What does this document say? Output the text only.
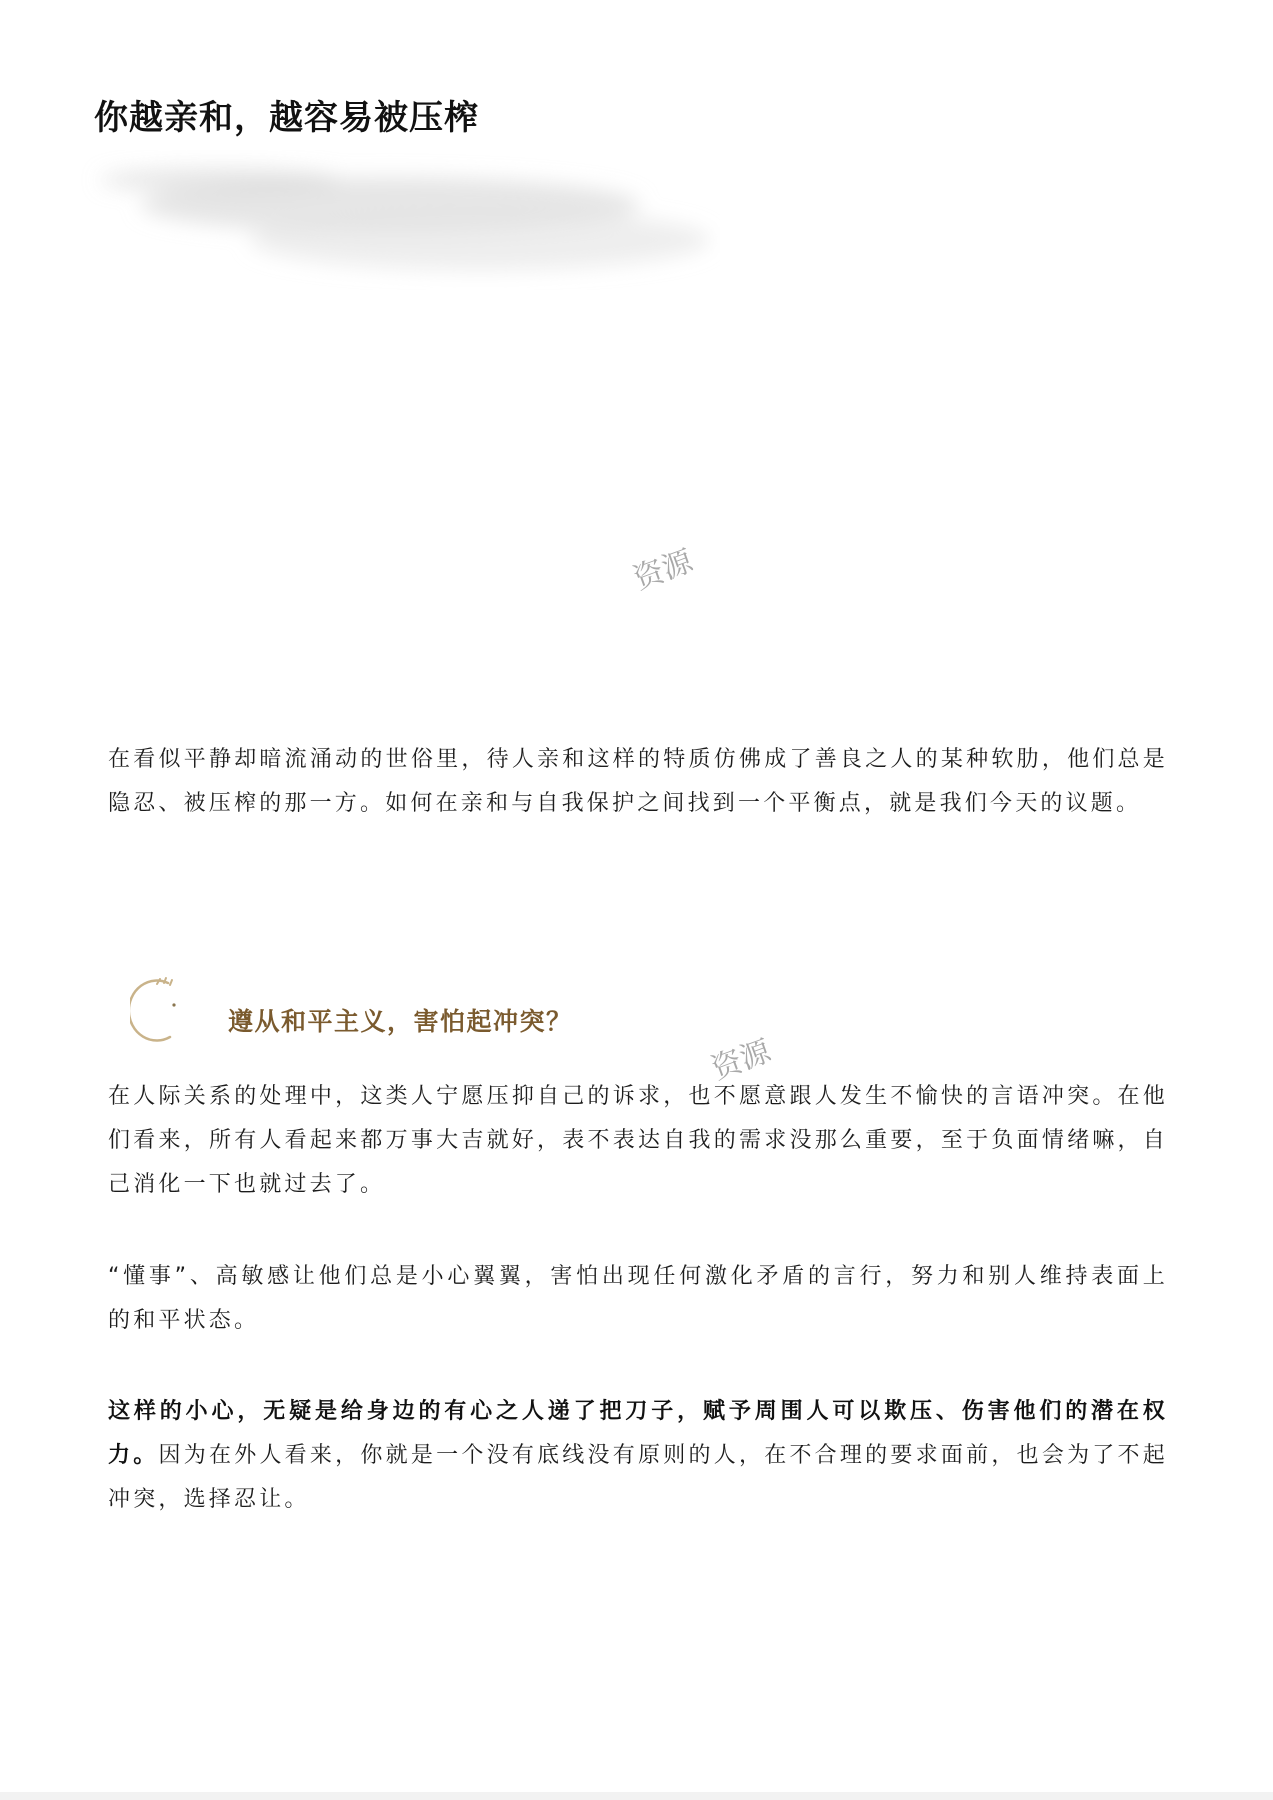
你越亲和，越容易被压榨
资源
在看似平静却暗流涌动的世俗里，待人亲和这样的特质仿佛成了善良之人的某种软肋，他们总是隐忍、被压榨的那一方。如何在亲和与自我保护之间找到一个平衡点，就是我们今天的议题。
遵从和平主义，害怕起冲突？
资源
在人际关系的处理中，这类人宁愿压抑自己的诉求，也不愿意跟人发生不愉快的言语冲突。在他们看来，所有人看起来都万事大吉就好，表不表达自我的需求没那么重要，至于负面情绪嘛，自己消化一下也就过去了。
“懂事”、高敏感让他们总是小心翼翼，害怕出现任何激化矛盾的言行，努力和别人维持表面上的和平状态。
这样的小心，无疑是给身边的有心之人递了把刀子，赋予周围人可以欺压、伤害他们的潜在权力。因为在外人看来，你就是一个没有底线没有原则的人，在不合理的要求面前，也会为了不起冲突，选择忍让。
